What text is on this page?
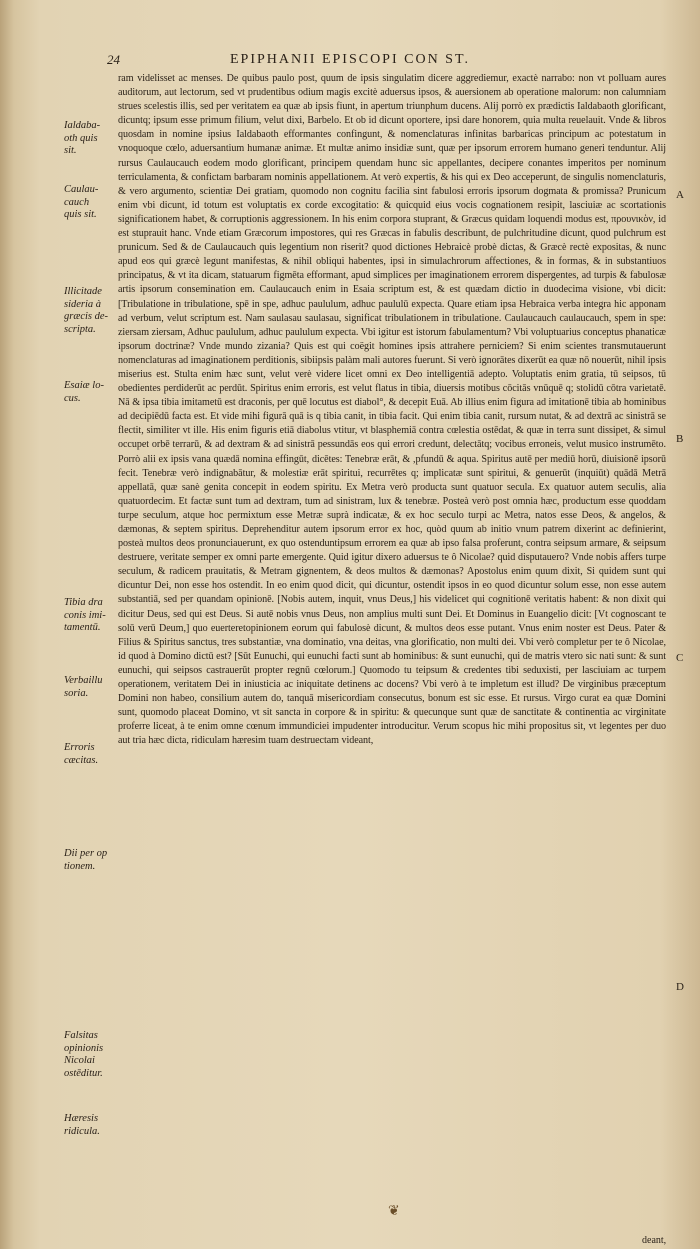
24	EPIPHANII EPISCOPI CON ST.

ram videlisset ac menses. De quibus paulo post, quum de ipsis singulatim dicere aggrediemur, exactè narrabo: non vt polluam aures auditorum, aut lectorum, sed vt prudentibus odium magis excitè aduersus ipsos, & auersionem ab operatione malorum: non calumniam strues scelestis illis, sed per veritatem ea quæ ab ipsis fiunt, in apertum triunphum ducens. Alij porrò ex prædictis Ialdabaoth glorificant, dicuntq; ipsum esse primum filium, velut dixi, Barbelo. Et ob id dicunt oportere, ipsi dare honorem, quia multa reuelauit. Vnde & libros quosdam in nomine ipsius Ialdabaoth efformantes confingunt, & nomenclaturas infinitas barbaricas principum ac potestatum in vnoquoque cœlo, aduersantium humanæ animæ. Et multæ animo insidiæ sunt, quæ per ipsorum errorem humano generi tenduntur. Alij rursus Caulaucauch eodem modo glorificant, principem quendam hunc sic appellantes, decipere conantes imperitos per nominum terriculamenta, & confictam barbaram nominis appellationem. At verò expertis, & his qui ex Deo acceperunt, de singulis nomenclaturis, & vero argumento, scientiæ Dei gratiam, quomodo non cognitu facilia sint fabulosi erroris ipsorum dogmata & promissa? Prunicum enim vbi dicunt, id totum est voluptatis ex corde excogitatio: & quicquid eius vocis cognationem resipit, lasciuiæ ac scortationis significationem habet, & corruptionis aggressionem. In his enim corpora stuprant, & Græcus quidam loquendi modus est, προυνικὸν, id est stuprauit hanc. Vnde etiam Græcorum impostores, qui res Græcas in fabulis describunt, de pulchritudine dicunt, quod pulchrum est prunicum. Sed & de Caulaucauch quis legentium non riserit? quod dictiones Hebraicè probè dictas, & Græcè rectè expositas, & nunc apud eos qui græcè legunt manifestas, & nihil obliqui habentes, ipsi in simulachrorum affectiones, & in formas, & in substantiuos principatus, & vt ita dicam, statuarum figmēta efformant, apud simplices per imaginationem errorem dispergentes, ad turpis & fabulosæ artis ipsorum consemination em. Caulaucauch enim in Esaia scriptum est, & est quædam dictio in duodecima visione, vbi dicit: [Tribulatione in tribulatione, spē in spe, adhuc paululum, adhuc paululū expecta. Quare etiam ipsa Hebraica verba integra hic apponam ad verbum, velut scriptum est. Nam saulasau saulasau, significat tribulationem in tribulatione. Caulaucauch caulaucauch, spem in spe: ziersam ziersam, Adhuc paululum, adhuc paululum expecta. Vbi igitur est istorum fabulamentum? Vbi voluptuarius conceptus phanaticæ ipsorum doctrinæ? Vnde mundo zizania? Quis est qui coëgit homines ipsis attrahere perniciem? Si enim scientes transmutauerunt nomenclaturas ad imaginationem perditionis, sibiipsis palàm mali autores fuerunt. Si verò ignorātes dixerūt ea quæ nō nouerūt, nihil ipsis miserius est. Stulta enim hæc sunt, velut verè videre licet omni ex Deo intelligentiā adepto. Voluptatis enim gratia, tū seipsos, tū obedientes perdiderūt ac perdūt. Spiritus enim erroris, est velut flatus in tibia, diuersis motibus cōcitās vnūquē q; stolidū cōtra varietatē. Nā & ipsa tibia imitametū est draconis, per quē locutus est diabol°, & decepit Euā. Ab illius enim figura ad imitationē tibia ab hominibus ad decipiēdū facta est. Et vide mihi figurā quā is q tibia canit, in tibia facit. Qui enim tibia canit, rursum nutat, & ad dextrā ac sinistrā se flectit, similiter vt ille. His enim figuris etiā diabolus vtitur, vt blasphemiā contra cœlestia ostēdat, & quæ in terra sunt dissipet, & simul occupet orbē terrarū, & ad dextram & ad sinistrā pessundās eos qui errori credunt, delectātq; vocibus erroneis, velut musico instrumēto. Porrò alii ex ipsis vana quædā nomina effingūt, dicētes: Tenebræ erāt, & ,pfundū & aqua. Spiritus autē per mediū horū, diuisionē ipsorū fecit. Tenebræ verò indignabātur, & molestiæ erāt spiritui, recurrētes q; implicatæ sunt spiritui, & genuerūt (inquiūt) quādā Metrā appellatā, quæ sanè genita concepit in eodem spiritu. Ex Metra verò producta sunt quatuor secula. Ex quatuor autem seculis, alia quatuordecim. Et factæ sunt tum ad dextram, tum ad sinistram, lux & tenebræ. Posteà verò post omnia hæc, productum esse quoddam turpe seculum, atque hoc permixtum esse Metræ suprà indicatæ, & ex hoc seculo turpi ac Metra, natos esse Deos, & angelos, & dæmonas, & septem spiritus. Deprehenditur autem ipsorum error ex hoc, quòd quum ab initio vnum patrem dixerint ac definierint, posteà multos deos pronunciauerunt, ex quo ostenduntipsum errorem ea quæ ab ipso falsa proferunt, contra seipsum armare, & seipsum destruere, veritate semper ex omni parte emergente. Quid igitur dixero aduersus te ô Nicolae? quid disputauero? Vnde nobis affers turpe seculum, & radicem prauitatis, & Metram gignentem, & deos multos & dæmonas? Apostolus enim quum dixit, Si quidem sunt qui dicuntur Dei, non esse hos ostendit. In eo enim quod dicit, qui dicuntur, ostendit ipsos in eo quod dicuntur solum esse, non esse autem substantiā, sed per quandam opinionē. [Nobis autem, inquit, vnus Deus,] his videlicet qui cognitionē veritatis habent: & non dixit qui dicitur Deus, sed qui est Deus. Si autē nobis vnus Deus, non amplius multi sunt Dei. Et Dominus in Euangelio dicit: [Vt cognoscant te solū verū Deum,] quo euerteretopinionem eorum qui fabulosè dicunt, & multos deos esse putant. Vnus enim noster est Deus. Pater & Filius & Spiritus sanctus, tres substantiæ, vna dominatio, vna deitas, vna glorificatio, non multi dei. Vbi verò completur per te ô Nicolae, id quod à Domino dictū est? [Sūt Eunuchi, qui eunuchi facti sunt ab hominibus: & sunt eunuchi, qui de matris vtero sic nati sunt: & sunt eunuchi, qui seipsos castrauerūt propter regnū cœlorum.] Quomodo tu teipsum & credentes tibi seduxisti, per lasciuiam ac turpem operationem, veritatem Dei in iniusticia ac iniquitate detinens ac docens? Vbi verò à te impletum est illud? De virginibus præceptum Domini non habeo, consilium autem do, tanquā misericordiam consecutus, bonum est sic esse. Et rursus. Virgo curat ea quæ Domini sunt, quomodo placeat Domino, vt sit sancta in corpore & in spiritu: & quecunque sunt quæ de sanctitate & continentia ac virginitate proferre liceat, à te enim omne cœnum immundiciei impudenter introducitur. Verum scopus hic mihi propositus sit, vt legentes per duo aut tria hæc dicta, ridiculam hæresim tuam destruectam videant,

Ialdaba-
oth quis
sit.
Caulau-
cauch
quis sit.
Illicitade
sideria à
græcis de-
scripta.
Esaiæ lo-
cus.
Tibia dra
conis imi-
tamentū.
Verbaillu
soria.
Erroris
cæcitas.
Dii per op
tionem.
Falsitas
opinionis
Nicolai
ostēditur.
Hæresis
ridicula.
A
B
C
D
deant,
❦
